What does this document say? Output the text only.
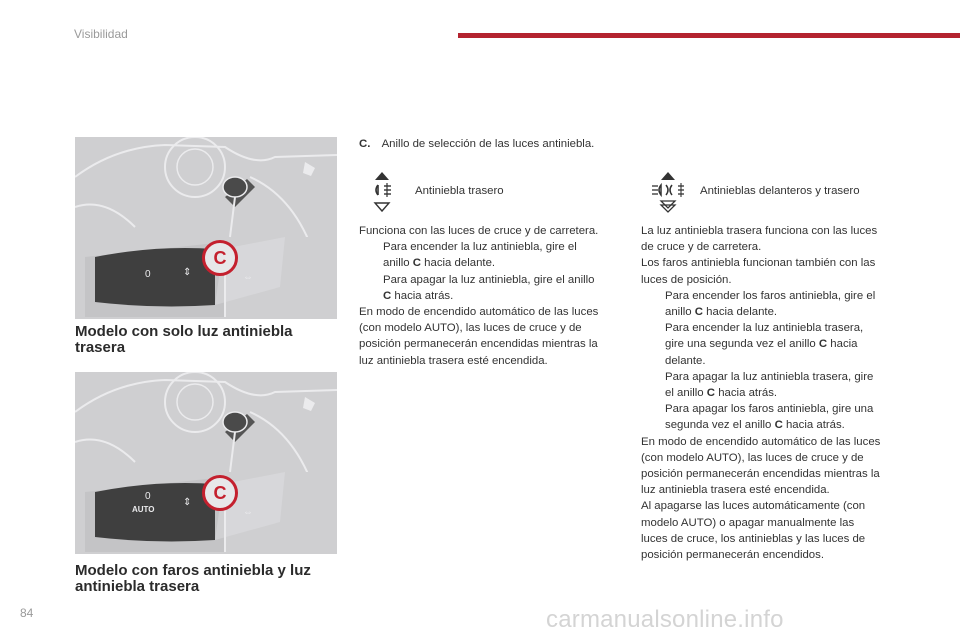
Visibilidad
0	⇕	⇔
C
Modelo con solo luz antiniebla
trasera
0
⇕
⇔
AUTO
C
Modelo con faros antiniebla y luz
antiniebla trasera
C. Anillo de selección de las luces antiniebla.
Antiniebla trasero	Antinieblas delanteros y trasero

Funciona con las luces de cruce y de carretera.

Para encender la luz antiniebla, gire el
anillo C hacia delante.
Para apagar la luz antiniebla, gire el anillo
C hacia atrás.

En modo de encendido automático de las luces

(con modelo AUTO), las luces de cruce y de

posición permanecerán encendidas mientras la

luz antiniebla trasera esté encendida.

La luz antiniebla trasera funciona con las luces

de cruce y de carretera.

Los faros antiniebla funcionan también con las

luces de posición.

Para encender los faros antiniebla, gire el
anillo C hacia delante.
Para encender la luz antiniebla trasera,
gire una segunda vez el anillo C hacia
delante.
Para apagar la luz antiniebla trasera, gire
el anillo C hacia atrás.
Para apagar los faros antiniebla, gire una
segunda vez el anillo C hacia atrás.

En modo de encendido automático de las luces

(con modelo AUTO), las luces de cruce y de

posición permanecerán encendidas mientras la

luz antiniebla trasera esté encendida.

Al apagarse las luces automáticamente (con

modelo AUTO) o apagar manualmente las

luces de cruce, los antinieblas y las luces de

posición permanecerán encendidos.

84	carmanualsonline.info
